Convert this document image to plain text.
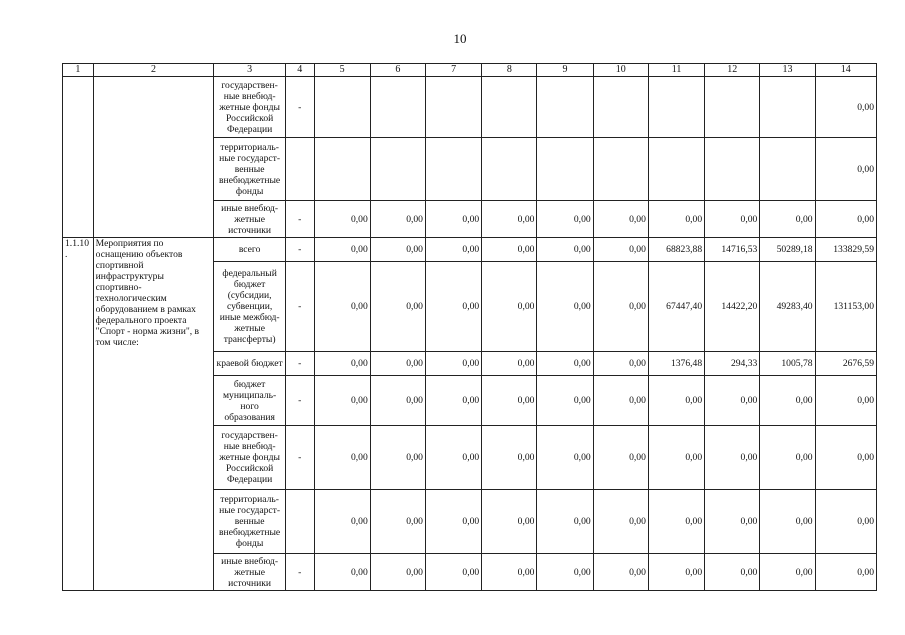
10
1	2	3	4	5	6	7	8	9	10	11	12	13	14
		государствен-ные внебюд-жетные фонды Российской Федерации	-										0,00
		территориаль-ные государст-венные внебюджетные фонды											0,00
		иные внебюд-жетные источники	-	0,00	0,00	0,00	0,00	0,00	0,00	0,00	0,00	0,00	0,00
1.1.10 .	Мероприятия по оснащению объектов спортивной инфраструктуры спортивно-технологическим оборудованием в рамках федерального проекта "Спорт - норма жизни", в том числе:	всего	-	0,00	0,00	0,00	0,00	0,00	0,00	68823,88	14716,53	50289,18	133829,59
		федеральный бюджет (субсидии, субвенции, иные межбюд-жетные трансферты)	-	0,00	0,00	0,00	0,00	0,00	0,00	67447,40	14422,20	49283,40	131153,00
		краевой бюджет	-	0,00	0,00	0,00	0,00	0,00	0,00	1376,48	294,33	1005,78	2676,59
		бюджет муниципаль-ного образования	-	0,00	0,00	0,00	0,00	0,00	0,00	0,00	0,00	0,00	0,00
		государствен-ные внебюд-жетные фонды Российской Федерации	-	0,00	0,00	0,00	0,00	0,00	0,00	0,00	0,00	0,00	0,00
		территориаль-ные государст-венные внебюджетные фонды		0,00	0,00	0,00	0,00	0,00	0,00	0,00	0,00	0,00	0,00
		иные внебюд-жетные источники	-	0,00	0,00	0,00	0,00	0,00	0,00	0,00	0,00	0,00	0,00
